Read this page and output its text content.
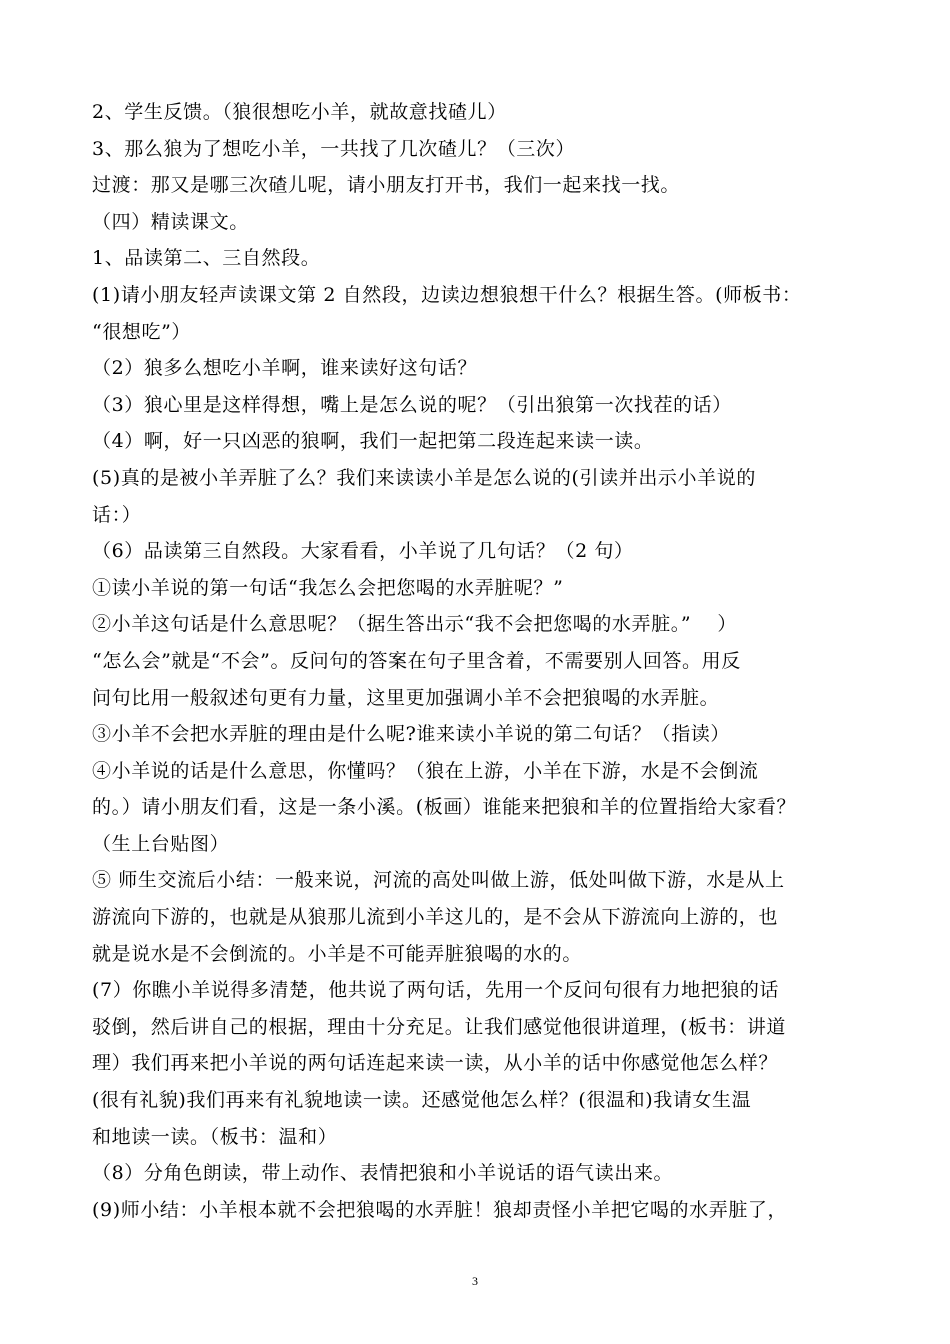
2、学生反馈。（狼很想吃小羊，就故意找碴儿）
3、那么狼为了想吃小羊，一共找了几次碴儿？（三次）
过渡：那又是哪三次碴儿呢，请小朋友打开书，我们一起来找一找。
（四）精读课文。
1、品读第二、三自然段。
(1)请小朋友轻声读课文第 2 自然段，边读边想狼想干什么？根据生答。(师板书：
“很想吃”）
（2）狼多么想吃小羊啊，谁来读好这句话？
（3）狼心里是这样得想，嘴上是怎么说的呢？（引出狼第一次找茬的话）
（4）啊，好一只凶恶的狼啊，我们一起把第二段连起来读一读。
(5)真的是被小羊弄脏了么？我们来读读小羊是怎么说的(引读并出示小羊说的
话：）
（6）品读第三自然段。大家看看，小羊说了几句话？（2 句）
①读小羊说的第一句话“我怎么会把您喝的水弄脏呢？”
②小羊这句话是什么意思呢？（据生答出示“我不会把您喝的水弄脏。”　 ）
“怎么会”就是“不会”。反问句的答案在句子里含着，不需要别人回答。用反
问句比用一般叙述句更有力量，这里更加强调小羊不会把狼喝的水弄脏。
③小羊不会把水弄脏的理由是什么呢?谁来读小羊说的第二句话？（指读）
④小羊说的话是什么意思，你懂吗？（狼在上游，小羊在下游，水是不会倒流
的。）请小朋友们看，这是一条小溪。(板画）谁能来把狼和羊的位置指给大家看？
（生上台贴图）
⑤ 师生交流后小结：一般来说，河流的高处叫做上游，低处叫做下游，水是从上
游流向下游的，也就是从狼那儿流到小羊这儿的，是不会从下游流向上游的，也
就是说水是不会倒流的。小羊是不可能弄脏狼喝的水的。
(7）你瞧小羊说得多清楚，他共说了两句话，先用一个反问句很有力地把狼的话
驳倒，然后讲自己的根据，理由十分充足。让我们感觉他很讲道理，(板书：讲道
理）我们再来把小羊说的两句话连起来读一读，从小羊的话中你感觉他怎么样？
(很有礼貌)我们再来有礼貌地读一读。还感觉他怎么样？(很温和)我请女生温
和地读一读。（板书：温和）
（8）分角色朗读，带上动作、表情把狼和小羊说话的语气读出来。
(9)师小结：小羊根本就不会把狼喝的水弄脏！狼却责怪小羊把它喝的水弄脏了，
3
